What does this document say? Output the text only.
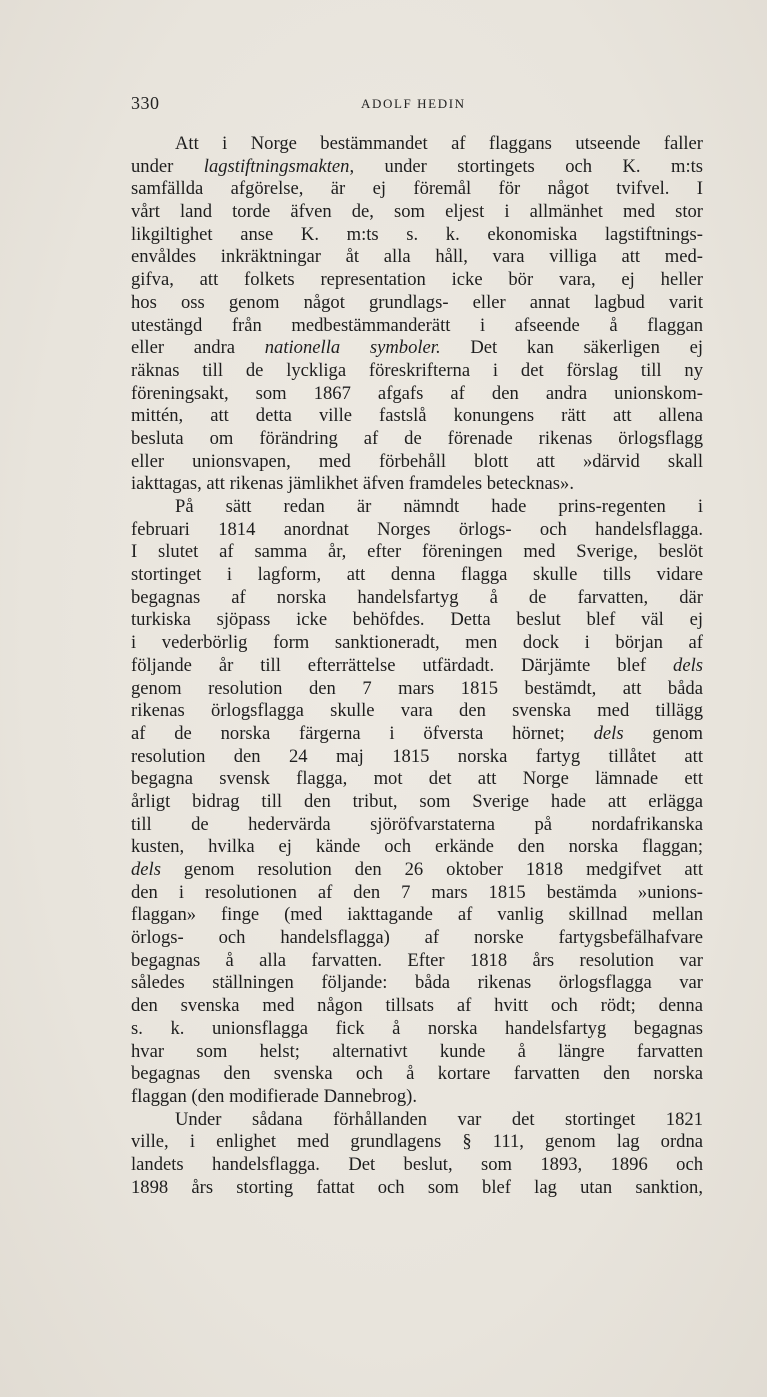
330	ADOLF HEDIN
Att i Norge bestämmandet af flaggans utseende faller
under lagstiftningsmakten, under stortingets och K. m:ts
samfällda afgörelse, är ej föremål för något tvifvel. I
vårt land torde äfven de, som eljest i allmänhet med stor
likgiltighet anse K. m:ts s. k. ekonomiska lagstiftnings-
envåldes inkräktningar åt alla håll, vara villiga att med-
gifva, att folkets representation icke bör vara, ej heller
hos oss genom något grundlags- eller annat lagbud varit
utestängd från medbestämmanderätt i afseende å flaggan
eller andra nationella symboler. Det kan säkerligen ej
räknas till de lyckliga föreskrifterna i det förslag till ny
föreningsakt, som 1867 afgafs af den andra unionskom-
mittén, att detta ville fastslå konungens rätt att allena
besluta om förändring af de förenade rikenas örlogsflagg
eller unionsvapen, med förbehåll blott att »därvid skall
iakttagas, att rikenas jämlikhet äfven framdeles betecknas».
På sätt redan är nämndt hade prins-regenten i
februari 1814 anordnat Norges örlogs- och handelsflagga.
I slutet af samma år, efter föreningen med Sverige, beslöt
stortinget i lagform, att denna flagga skulle tills vidare
begagnas af norska handelsfartyg å de farvatten, där
turkiska sjöpass icke behöfdes. Detta beslut blef väl ej
i vederbörlig form sanktioneradt, men dock i början af
följande år till efterrättelse utfärdadt. Därjämte blef dels
genom resolution den 7 mars 1815 bestämdt, att båda
rikenas örlogsflagga skulle vara den svenska med tillägg
af de norska färgerna i öfversta hörnet; dels genom
resolution den 24 maj 1815 norska fartyg tillåtet att
begagna svensk flagga, mot det att Norge lämnade ett
årligt bidrag till den tribut, som Sverige hade att erlägga
till de hedervärda sjöröfvarstaterna på nordafrikanska
kusten, hvilka ej kände och erkände den norska flaggan;
dels genom resolution den 26 oktober 1818 medgifvet att
den i resolutionen af den 7 mars 1815 bestämda »unions-
flaggan» finge (med iakttagande af vanlig skillnad mellan
örlogs- och handelsflagga) af norske fartygsbefälhafvare
begagnas å alla farvatten. Efter 1818 års resolution var
således ställningen följande: båda rikenas örlogsflagga var
den svenska med någon tillsats af hvitt och rödt; denna
s. k. unionsflagga fick å norska handelsfartyg begagnas
hvar som helst; alternativt kunde å längre farvatten
begagnas den svenska och å kortare farvatten den norska
flaggan (den modifierade Dannebrog).
Under sådana förhållanden var det stortinget 1821
ville, i enlighet med grundlagens § 111, genom lag ordna
landets handelsflagga. Det beslut, som 1893, 1896 och
1898 års storting fattat och som blef lag utan sanktion,
